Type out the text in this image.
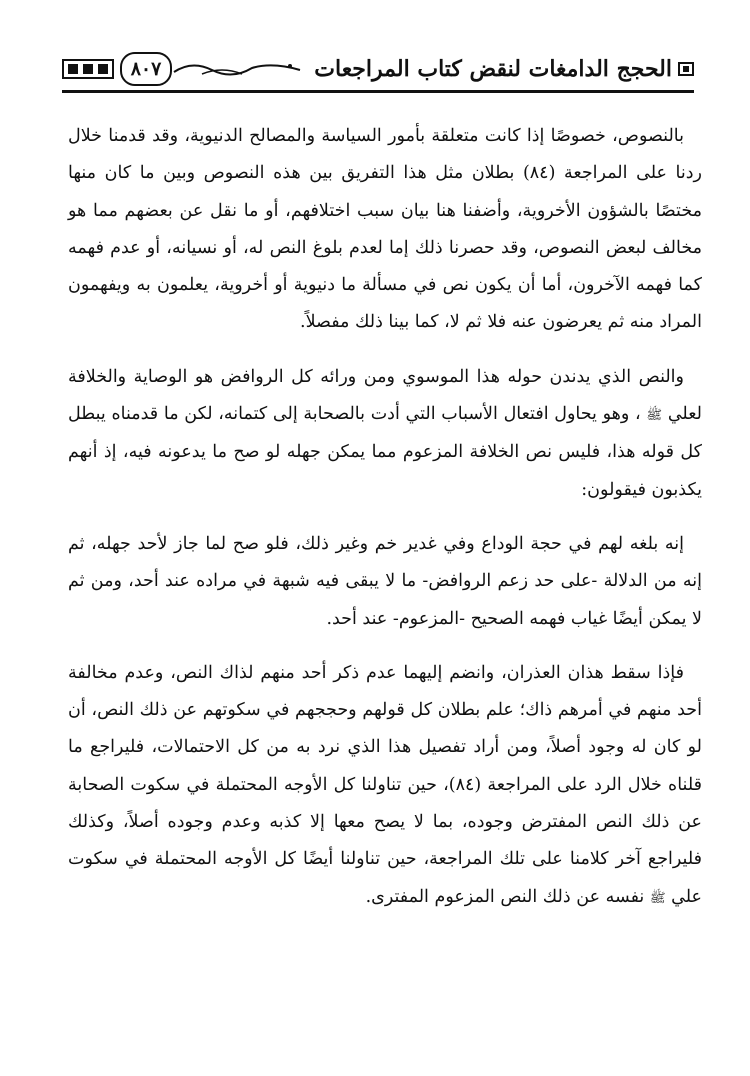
الحجج الدامغات لنقض كتاب المراجعات
٨٠٧

بالنصوص، خصوصًا إذا كانت متعلقة بأمور السياسة والمصالح الدنيوية، وقد قدمنا خلال ردنا على المراجعة (٨٤) بطلان مثل هذا التفريق بين هذه النصوص وبين ما كان منها مختصًا بالشؤون الأخروية، وأضفنا هنا بيان سبب اختلافهم، أو ما نقل عن بعضهم مما هو مخالف لبعض النصوص، وقد حصرنا ذلك إما لعدم بلوغ النص له، أو نسيانه، أو عدم فهمه كما فهمه الآخرون، أما أن يكون نص في مسألة ما دنيوية أو أخروية، يعلمون به ويفهمون المراد منه ثم يعرضون عنه فلا ثم لا، كما بينا ذلك مفصلاً.

والنص الذي يدندن حوله هذا الموسوي ومن ورائه كل الروافض هو الوصاية والخلافة لعلي ﷺ ، وهو يحاول افتعال الأسباب التي أدت بالصحابة إلى كتمانه، لكن ما قدمناه يبطل كل قوله هذا، فليس نص الخلافة المزعوم مما يمكن جهله لو صح ما يدعونه فيه، إذ أنهم يكذبون فيقولون:

إنه بلغه لهم في حجة الوداع وفي غدير خم وغير ذلك، فلو صح لما جاز لأحد جهله، ثم إنه من الدلالة -على حد زعم الروافض- ما لا يبقى فيه شبهة في مراده عند أحد، ومن ثم لا يمكن أيضًا غياب فهمه الصحيح -المزعوم- عند أحد.

فإذا سقط هذان العذران، وانضم إليهما عدم ذكر أحد منهم لذاك النص، وعدم مخالفة أحد منهم في أمرهم ذاك؛ علم بطلان كل قولهم وحججهم في سكوتهم عن ذلك النص، أن لو كان له وجود أصلاً، ومن أراد تفصيل هذا الذي نرد به من كل الاحتمالات، فليراجع ما قلناه خلال الرد على المراجعة (٨٤)، حين تناولنا كل الأوجه المحتملة في سكوت الصحابة عن ذلك النص المفترض وجوده، بما لا يصح معها إلا كذبه وعدم وجوده أصلاً، وكذلك فليراجع آخر كلامنا على تلك المراجعة، حين تناولنا أيضًا كل الأوجه المحتملة في سكوت علي ﷺ نفسه عن ذلك النص المزعوم المفترى.
